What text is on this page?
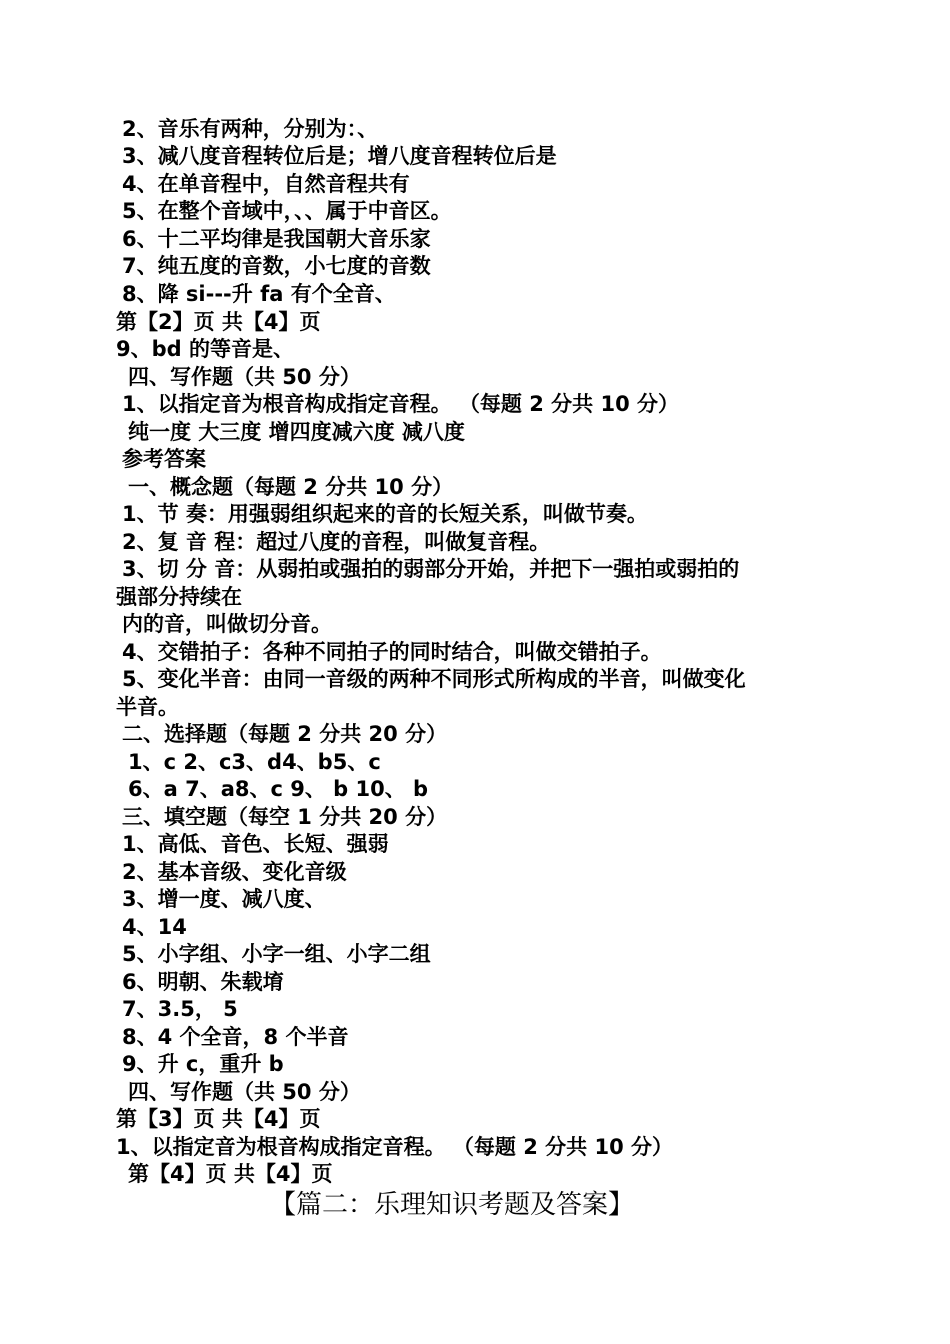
2、音乐有两种，分别为：、
3、减八度音程转位后是；增八度音程转位后是
4、在单音程中，自然音程共有
5、在整个音域中，、、属于中音区。
6、十二平均律是我国朝大音乐家
7、纯五度的音数，小七度的音数
8、降 si---升 fa 有个全音、
第【2】页 共【4】页
9、bd 的等音是、
四、写作题（共 50 分）
1、以指定音为根音构成指定音程。 （每题 2 分共 10 分）
纯一度 大三度 增四度减六度 减八度
参考答案
一、概念题（每题 2 分共 10 分）
1、节 奏：用强弱组织起来的音的长短关系，叫做节奏。
2、复 音 程：超过八度的音程，叫做复音程。
3、切 分 音：从弱拍或强拍的弱部分开始，并把下一强拍或弱拍的
强部分持续在
内的音，叫做切分音。
4、交错拍子：各种不同拍子的同时结合，叫做交错拍子。
5、变化半音：由同一音级的两种不同形式所构成的半音，叫做变化
半音。
二、选择题（每题 2 分共 20 分）
1、c 2、c3、d4、b5、c
6、a 7、a8、c 9、 b 10、 b
三、填空题（每空 1 分共 20 分）
1、高低、音色、长短、强弱
2、基本音级、变化音级
3、增一度、减八度、
4、14
5、小字组、小字一组、小字二组
6、明朝、朱载堉
7、3.5， 5
8、4 个全音，8 个半音
9、升 c，重升 b
四、写作题（共 50 分）
第【3】页 共【4】页
1、以指定音为根音构成指定音程。 （每题 2 分共 10 分）
第【4】页 共【4】页
【篇二：乐理知识考题及答案】
